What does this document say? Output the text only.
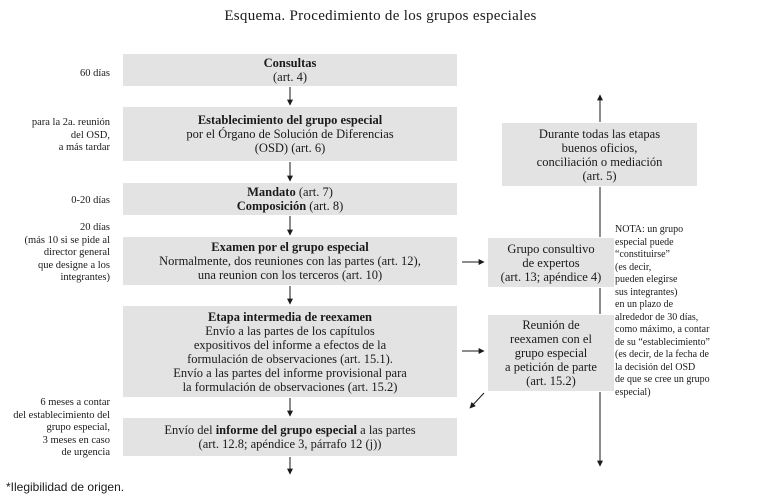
Esquema. Procedimiento de los grupos especiales
Consultas
(art. 4)
Establecimiento del grupo especial
por el Órgano de Solución de Diferencias
(OSD) (art. 6)
Mandato (art. 7)
Composición (art. 8)
Examen por el grupo especial
Normalmente, dos reuniones con las partes (art. 12),
una reunion con los terceros (art. 10)
Etapa intermedia de reexamen
Envío a las partes de los capítulos
expositivos del informe a efectos de la
formulación de observaciones (art. 15.1).
Envío a las partes del informe provisional para
la formulación de observaciones (art. 15.2)
Envío del informe del grupo especial a las partes
(art. 12.8; apéndice 3, párrafo 12 (j))
Durante todas las etapas
buenos oficios,
conciliación o mediación
(art. 5)
Grupo consultivo
de expertos
(art. 13; apéndice 4)
Reunión de
reexamen con el
grupo especial
a petición de parte
(art. 15.2)
60 días
para la 2a. reunión
del OSD,
a más tardar
0-20 días
20 días
(más 10 si se pide al
director general
que designe a los
integrantes)
6 meses a contar
del establecimiento del
grupo especial,
3 meses en caso
de urgencia
NOTA: un grupo
especial puede
“constituirse”
(es decir,
pueden elegirse
sus integrantes)
en un plazo de
alrededor de 30 días,
como máximo, a contar
de su “establecimiento”
(es decir, de la fecha de
la decisión del OSD
de que se cree un grupo
especial)
*Ilegibilidad de origen.
